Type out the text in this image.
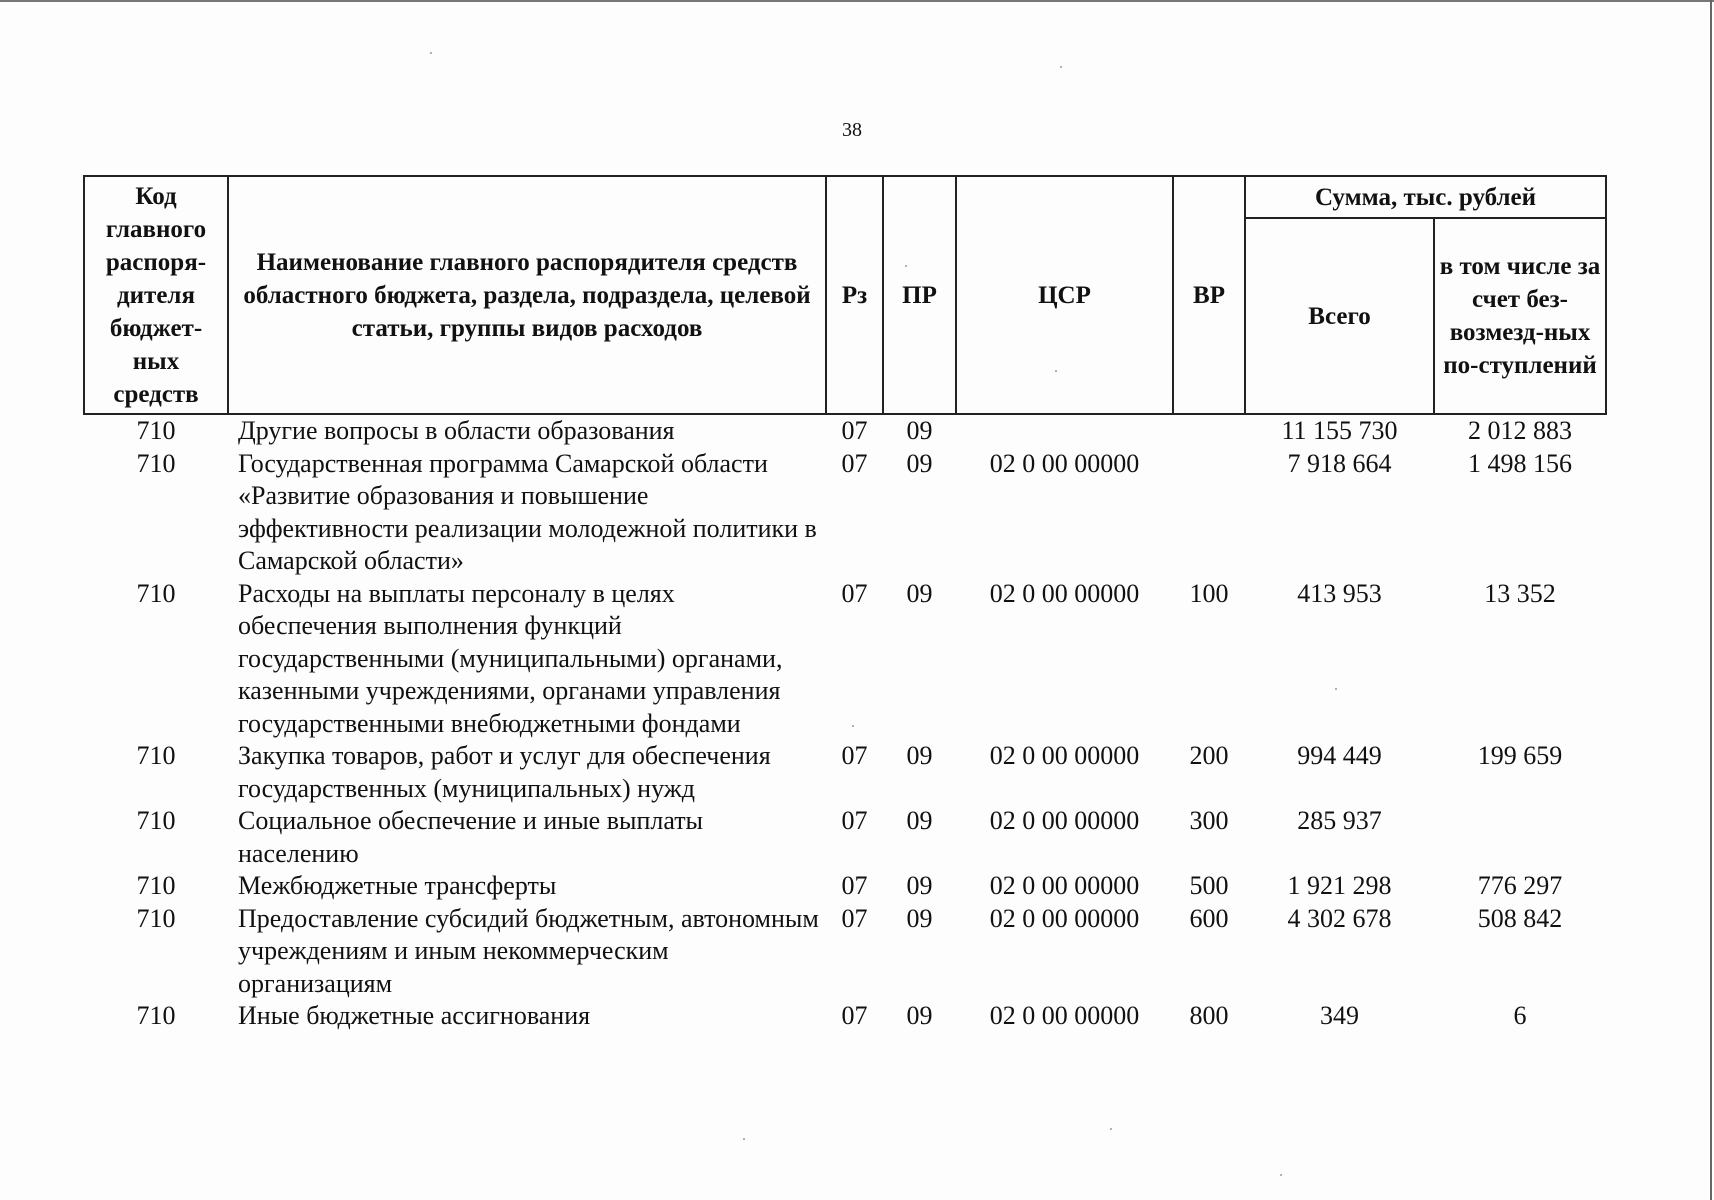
38
Код главного распоря-дителя бюджет-ных средств	Наименование главного распорядителя средств областного бюджета, раздела, подраздела, целевой статьи, группы видов расходов	Рз	ПР	ЦСР	ВР	Сумма, тыс. рублей	
						Всего	в том числе за счет без-возмезд-ных по-ступлений
710	Другие вопросы в области образования	07	09			11 155 730	2 012 883
710	Государственная программа Самарской области «Развитие образования и повышение эффективности реализации молодежной политики в Самарской области»	07	09	02 0 00 00000		7 918 664	1 498 156
710	Расходы на выплаты персоналу в целях обеспечения выполнения функций государственными (муниципальными) органами, казенными учреждениями, органами управления государственными внебюджетными фондами	07	09	02 0 00 00000	100	413 953	13 352
710	Закупка товаров, работ и услуг для обеспечения государственных (муниципальных) нужд	07	09	02 0 00 00000	200	994 449	199 659
710	Социальное обеспечение и иные выплаты населению	07	09	02 0 00 00000	300	285 937	
710	Межбюджетные трансферты	07	09	02 0 00 00000	500	1 921 298	776 297
710	Предоставление субсидий бюджетным, автономным учреждениям и иным некоммерческим организациям	07	09	02 0 00 00000	600	4 302 678	508 842
710	Иные бюджетные ассигнования	07	09	02 0 00 00000	800	349	6
